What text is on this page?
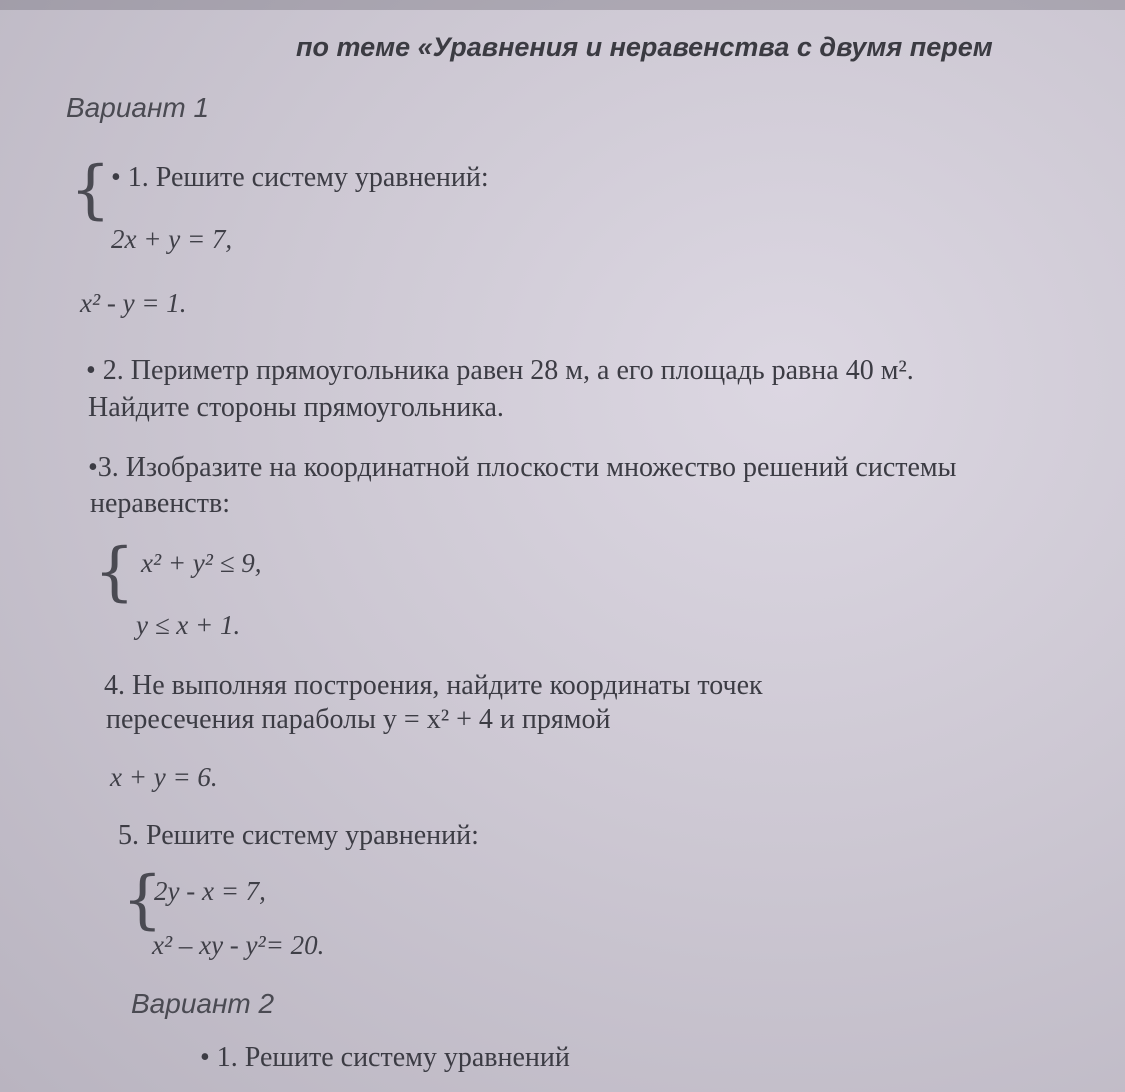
по теме «Уравнения и неравенства с двумя перем
Вариант 1
{ • 1. Решите систему уравнений:
2x + y = 7,
x² - y = 1.
• 2. Периметр прямоугольника равен 28 м, а его площадь равна 40 м².
Найдите стороны прямоугольника.
•3. Изобразите на координатной плоскости множество решений системы
неравенств:
{ x² + y² ≤ 9,
y ≤ x + 1.
4. Не выполняя построения, найдите координаты точек
пересечения параболы y = x² + 4 и прямой
x + y = 6.
5. Решите систему уравнений:
{
2y - x = 7,
x² – xy - y²= 20.
Вариант 2
• 1. Решите систему уравнений
